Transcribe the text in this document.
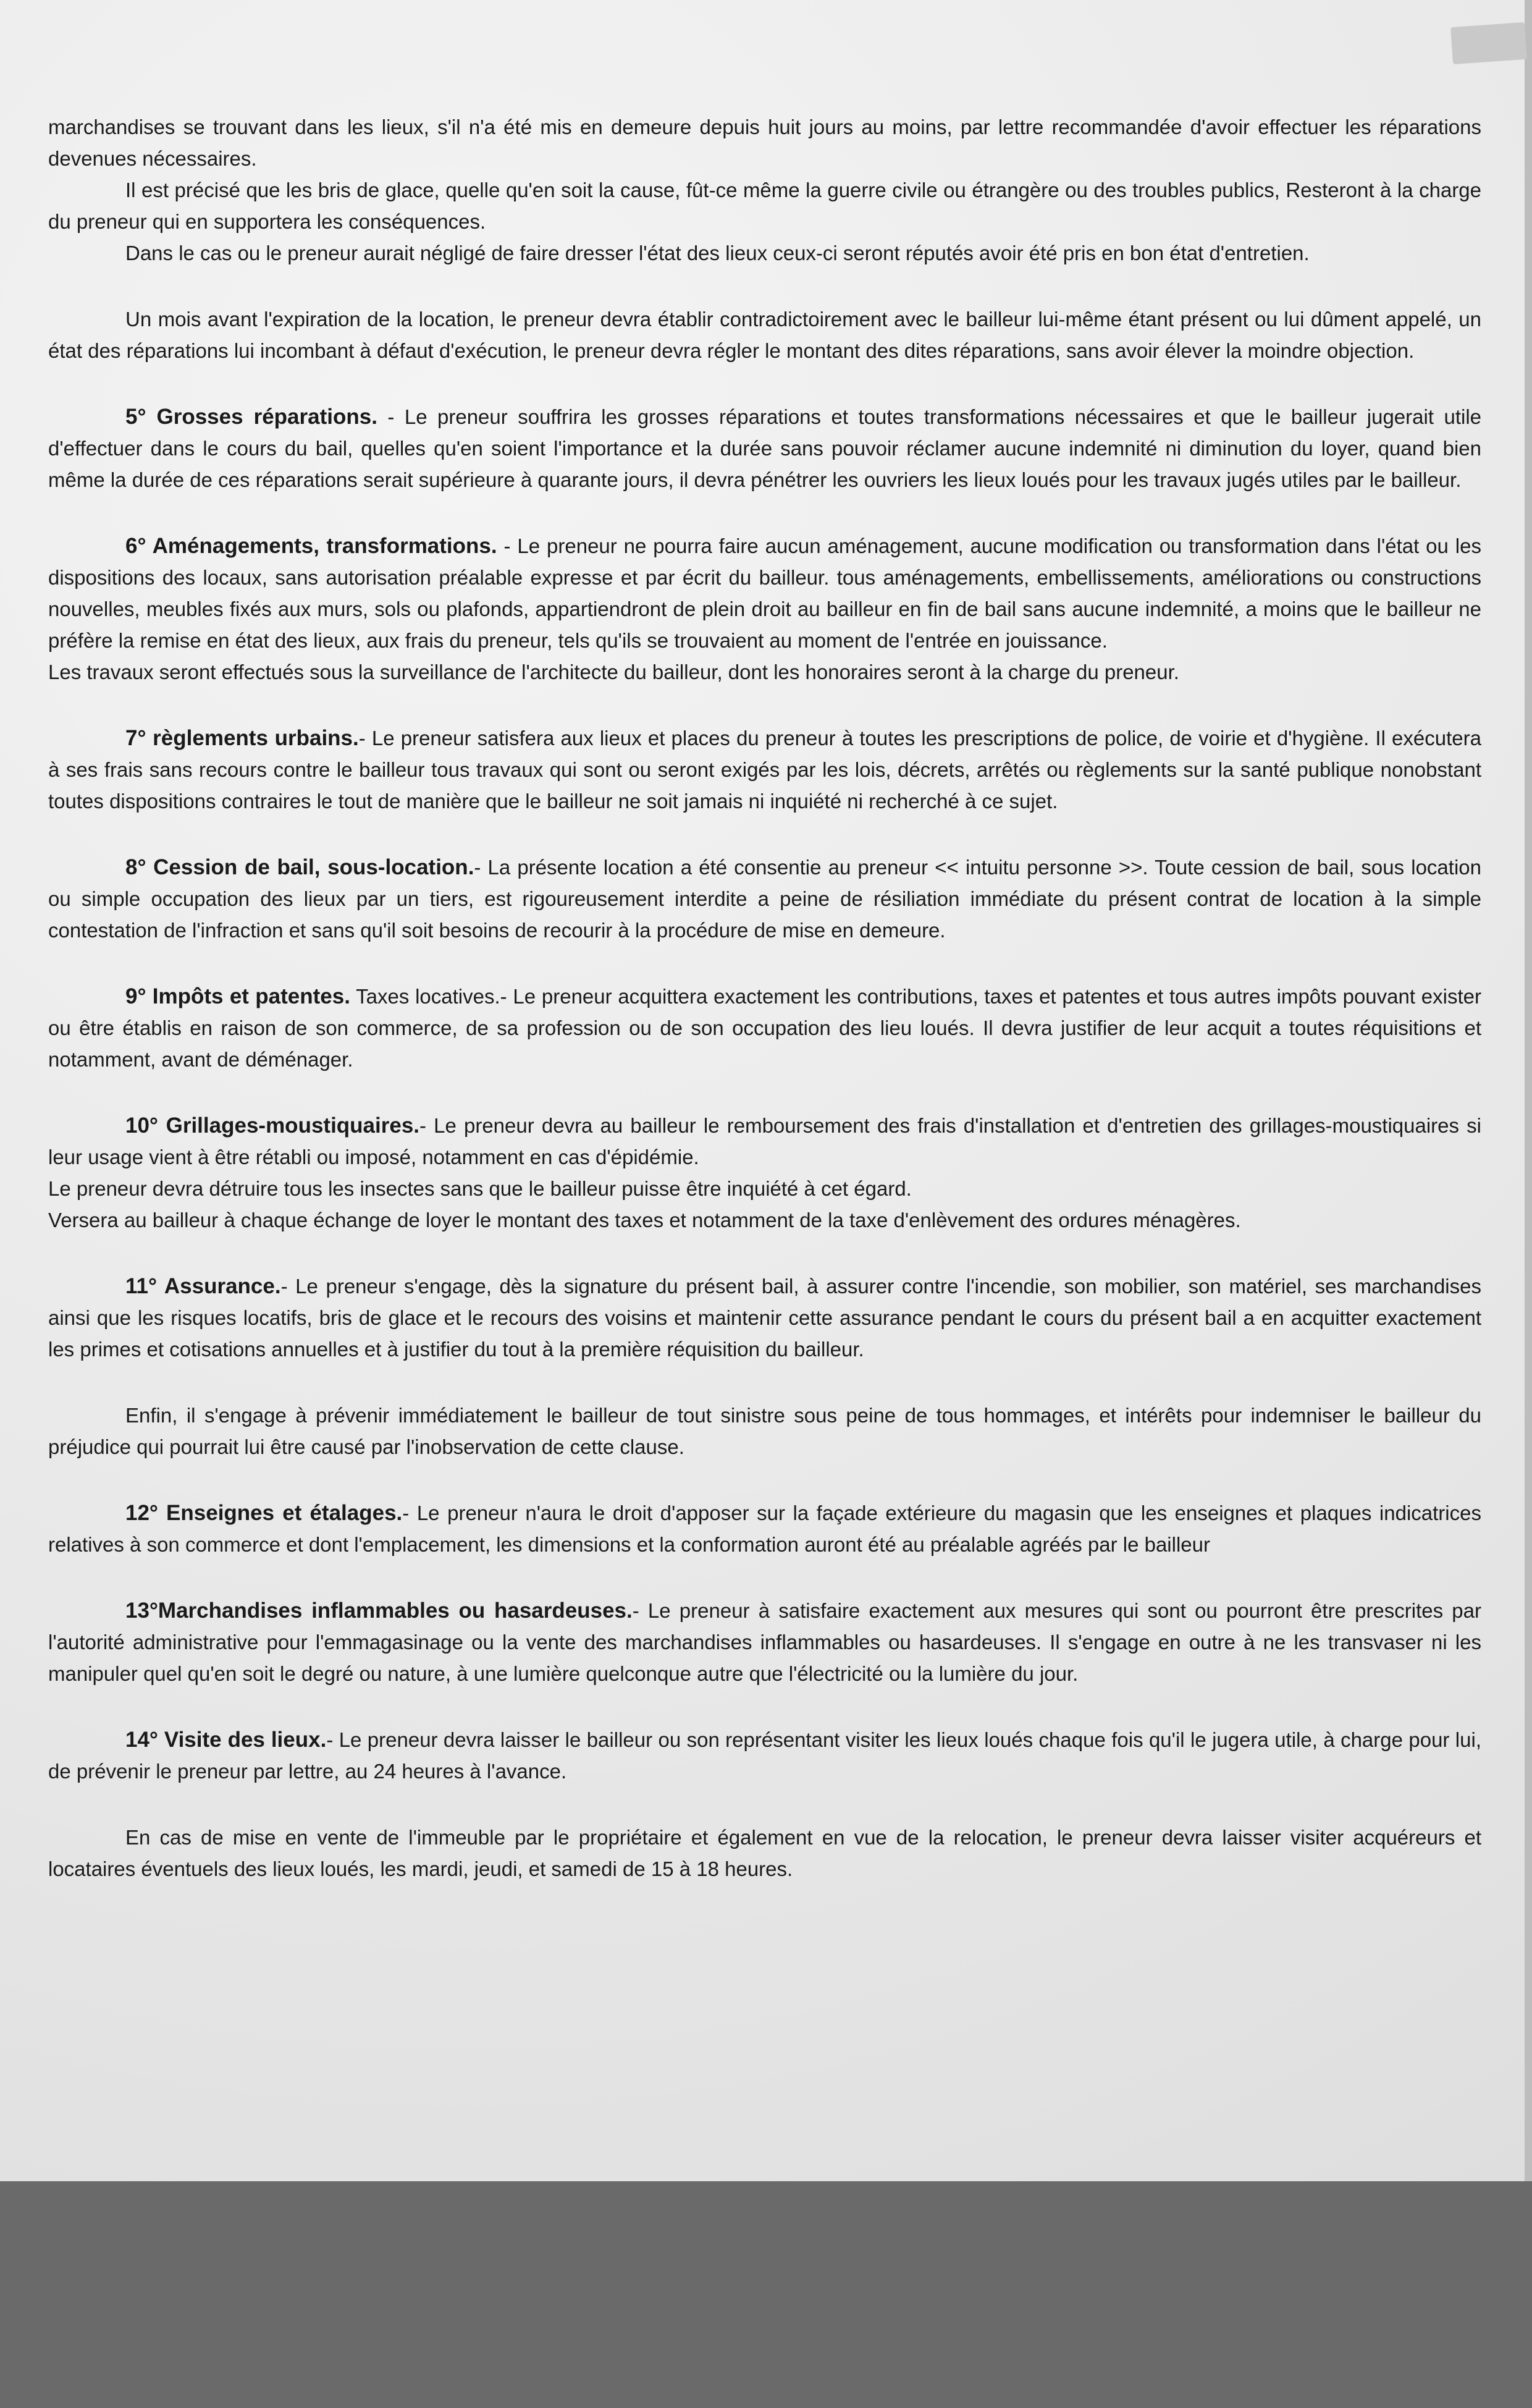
marchandises se trouvant dans les lieux, s'il n'a été mis en demeure depuis huit jours au moins, par lettre recommandée d'avoir effectuer les réparations devenues nécessaires.

Il est précisé que les bris de glace, quelle qu'en soit la cause, fût-ce même la guerre civile ou étrangère ou des troubles publics, Resteront à la charge du preneur qui en supportera les conséquences.

Dans le cas ou le preneur aurait négligé de faire dresser l'état des lieux ceux-ci seront réputés avoir été pris en bon état d'entretien.

Un mois avant l'expiration de la location, le preneur devra établir contradictoirement avec le bailleur lui-même étant présent ou lui dûment appelé, un état des réparations lui incombant à défaut d'exécution, le preneur devra régler le montant des dites réparations, sans avoir élever la moindre objection.

5° Grosses réparations. - Le preneur souffrira les grosses réparations et toutes transformations nécessaires et que le bailleur jugerait utile d'effectuer dans le cours du bail, quelles qu'en soient l'importance et la durée sans pouvoir réclamer aucune indemnité ni diminution du loyer, quand bien même la durée de ces réparations serait supérieure à quarante jours, il devra pénétrer les ouvriers les lieux loués pour les travaux jugés utiles par le bailleur.

6° Aménagements, transformations. - Le preneur ne pourra faire aucun aménagement, aucune modification ou transformation dans l'état ou les dispositions des locaux, sans autorisation préalable expresse et par écrit du bailleur. tous aménagements, embellissements, améliorations ou constructions nouvelles, meubles fixés aux murs, sols ou plafonds, appartiendront de plein droit au bailleur en fin de bail sans aucune indemnité, a moins que le bailleur ne préfère la remise en état des lieux, aux frais du preneur, tels qu'ils se trouvaient au moment de l'entrée en jouissance.

Les travaux seront effectués sous la surveillance de l'architecte du bailleur, dont les honoraires seront à la charge du preneur.

7° règlements urbains.- Le preneur satisfera aux lieux et places du preneur à toutes les prescriptions de police, de voirie et d'hygiène. Il exécutera à ses frais sans recours contre le bailleur tous travaux qui sont ou seront exigés par les lois, décrets, arrêtés ou règlements sur la santé publique nonobstant toutes dispositions contraires le tout de manière que le bailleur ne soit jamais ni inquiété ni recherché à ce sujet.

8° Cession de bail, sous-location.- La présente location a été consentie au preneur << intuitu personne >>. Toute cession de bail, sous location ou simple occupation des lieux par un tiers, est rigoureusement interdite a peine de résiliation immédiate du présent contrat de location à la simple contestation de l'infraction et sans qu'il soit besoins de recourir à la procédure de mise en demeure.

9° Impôts et patentes. Taxes locatives.- Le preneur acquittera exactement les contributions, taxes et patentes et tous autres impôts pouvant exister ou être établis en raison de son commerce, de sa profession ou de son occupation des lieu loués. Il devra justifier de leur acquit a toutes réquisitions et notamment, avant de déménager.

10° Grillages-moustiquaires.- Le preneur devra au bailleur le remboursement des frais d'installation et d'entretien des grillages-moustiquaires si leur usage vient à être rétabli ou imposé, notamment en cas d'épidémie.

Le preneur devra détruire tous les insectes sans que le bailleur puisse être inquiété à cet égard.

Versera au bailleur à chaque échange de loyer le montant des taxes et notamment de la taxe d'enlèvement des ordures ménagères.

11° Assurance.- Le preneur s'engage, dès la signature du présent bail, à assurer contre l'incendie, son mobilier, son matériel, ses marchandises ainsi que les risques locatifs, bris de glace et le recours des voisins et maintenir cette assurance pendant le cours du présent bail a en acquitter exactement les primes et cotisations annuelles et à justifier du tout à la première réquisition du bailleur.

Enfin, il s'engage à prévenir immédiatement le bailleur de tout sinistre sous peine de tous hommages, et intérêts pour indemniser le bailleur du préjudice qui pourrait lui être causé par l'inobservation de cette clause.

12° Enseignes et étalages.- Le preneur n'aura le droit d'apposer sur la façade extérieure du magasin que les enseignes et plaques indicatrices relatives à son commerce et dont l'emplacement, les dimensions et la conformation auront été au préalable agréés par le bailleur

13°Marchandises inflammables ou hasardeuses.- Le preneur à satisfaire exactement aux mesures qui sont ou pourront être prescrites par l'autorité administrative pour l'emmagasinage ou la vente des marchandises inflammables ou hasardeuses. Il s'engage en outre à ne les transvaser ni les manipuler quel qu'en soit le degré ou nature, à une lumière quelconque autre que l'électricité ou la lumière du jour.

14° Visite des lieux.- Le preneur devra laisser le bailleur ou son représentant visiter les lieux loués chaque fois qu'il le jugera utile, à charge pour lui, de prévenir le preneur par lettre, au 24 heures à l'avance.

En cas de mise en vente de l'immeuble par le propriétaire et également en vue de la relocation, le preneur devra laisser visiter acquéreurs et locataires éventuels des lieux loués, les mardi, jeudi, et samedi de 15 à 18 heures.
